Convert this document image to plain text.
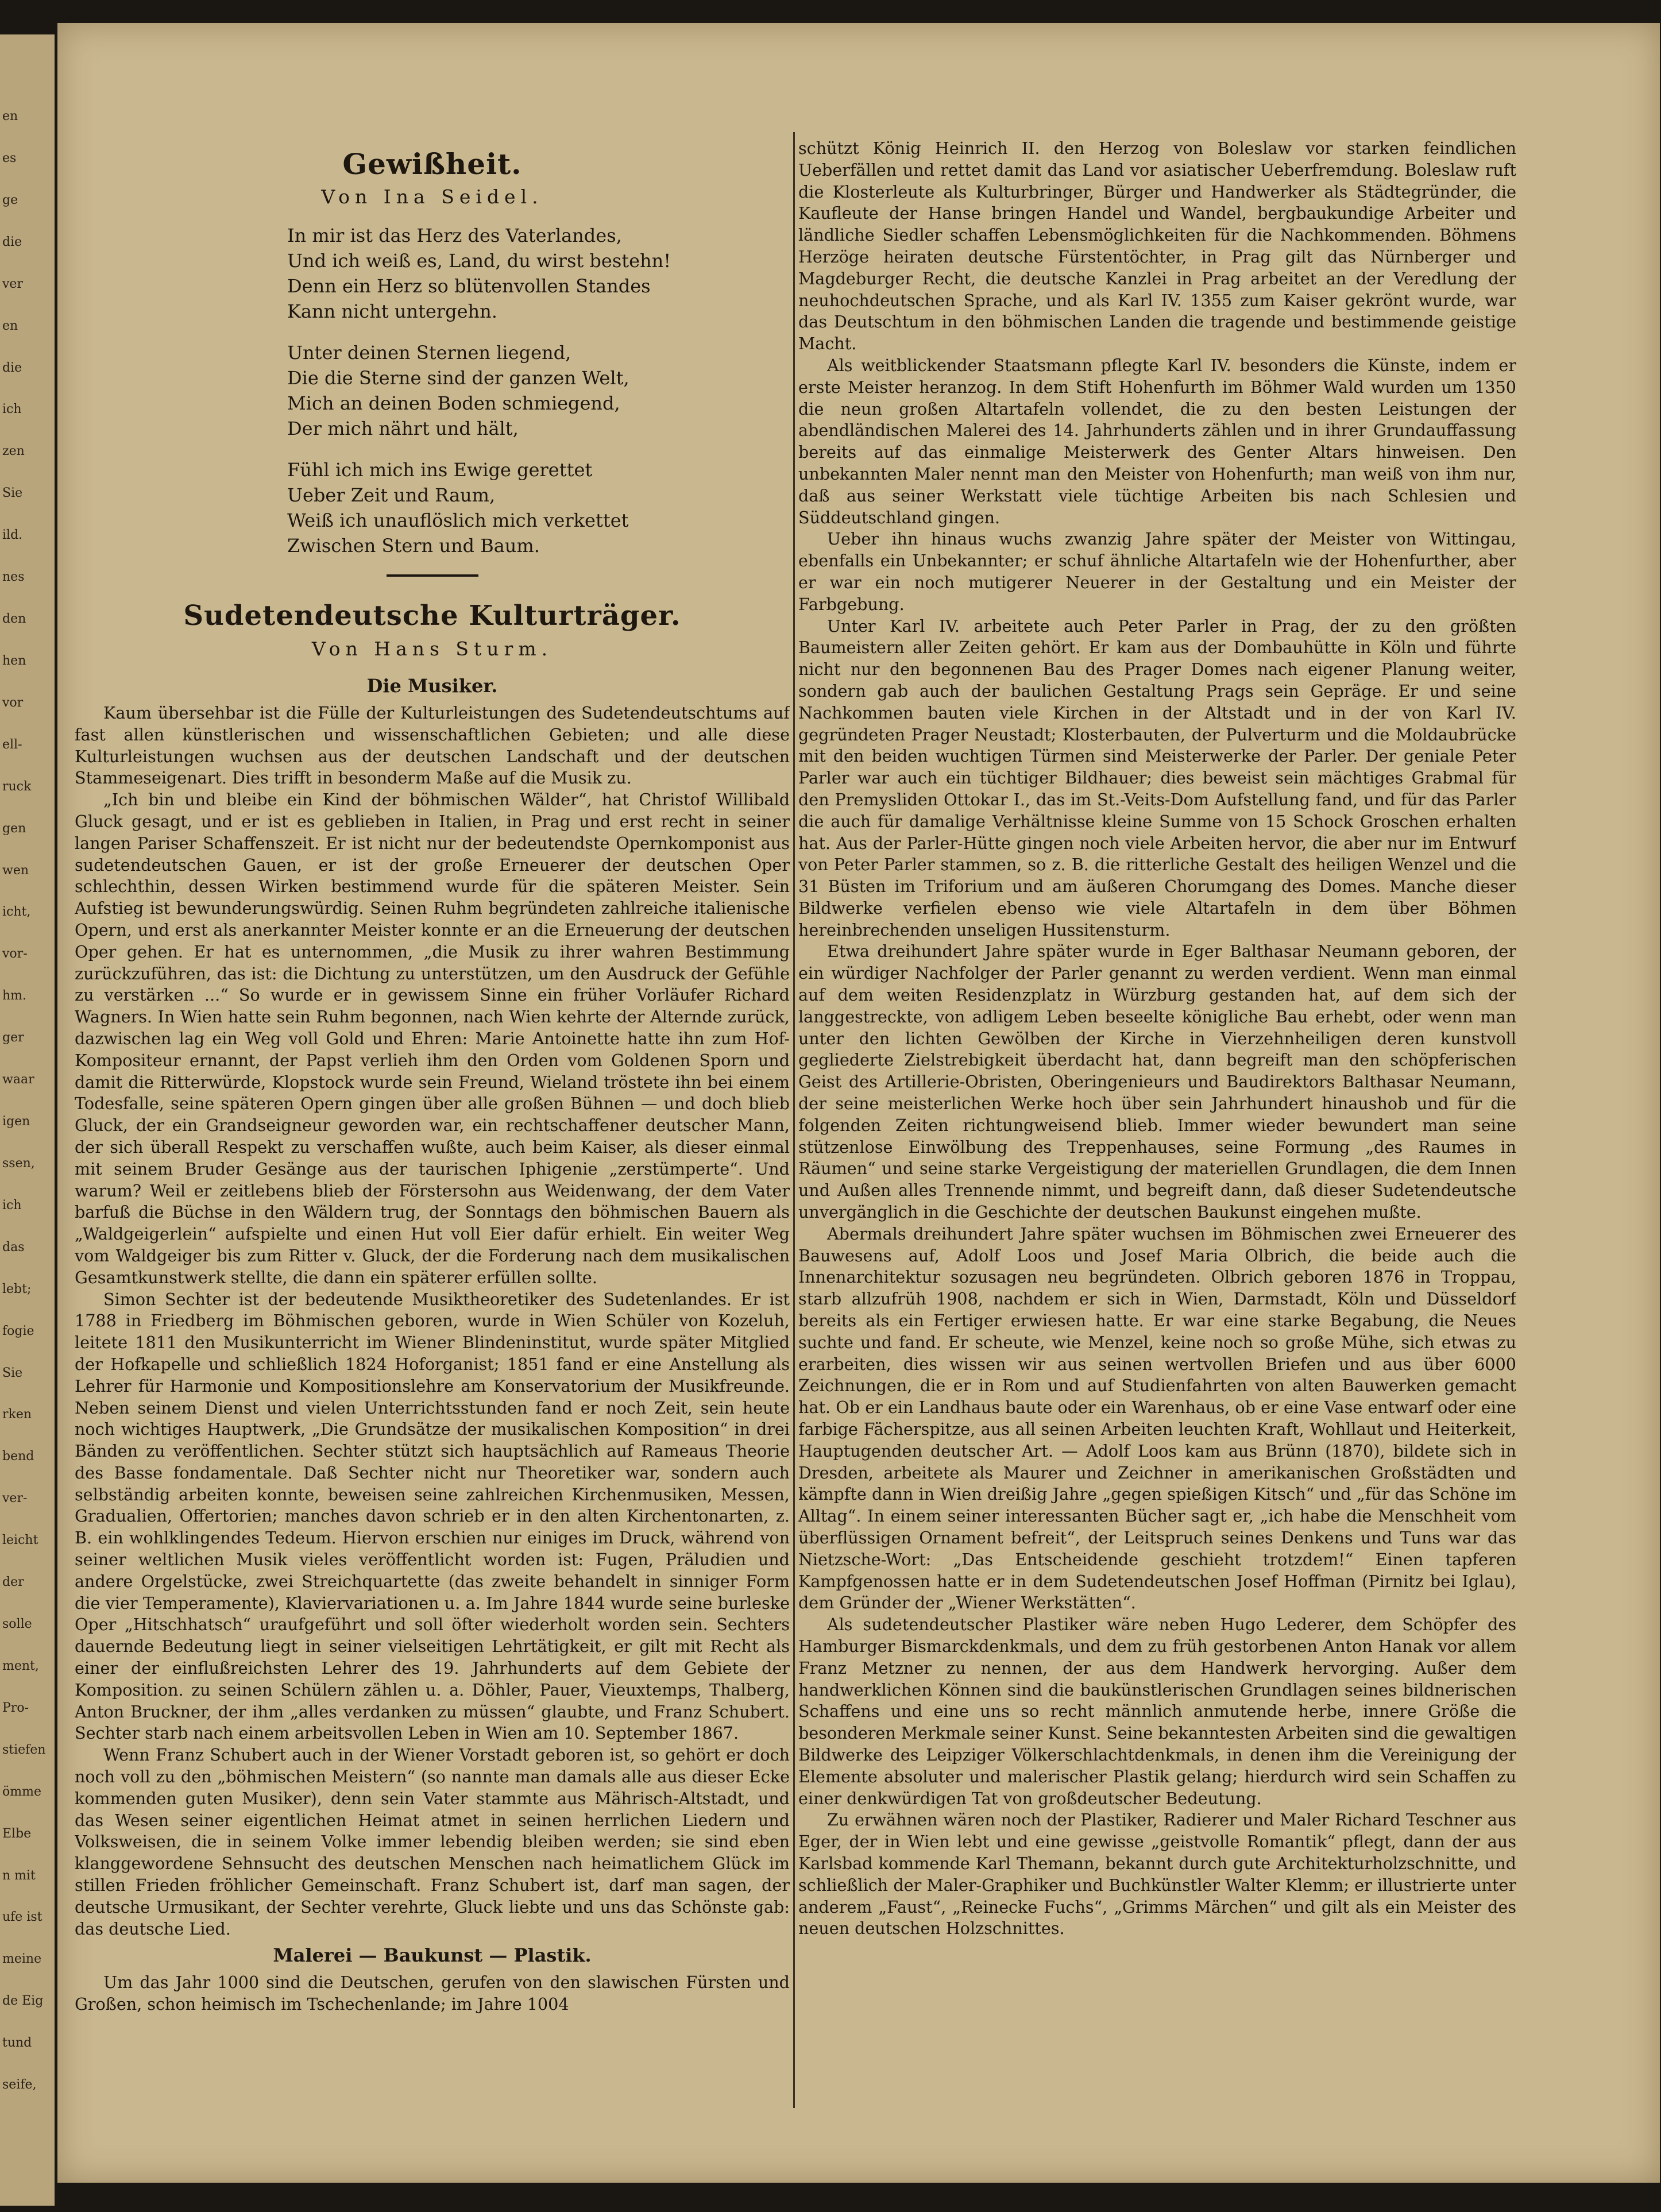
en
es
ge
die
ver
en
die
ich
zen
Sie
ild.
nes
den
hen
vor
ell-
ruck
gen
wen
icht,
vor-
hm.
ger
waar
igen
ssen,
ich
das
lebt;
fogie
Sie
rken
bend
ver-
leicht
der
solle
ment,
Pro-
stiefen
ömme
Elbe
n mit
ufe ist
meine
de Eig
tund
seife,
Gewißheit.
Von Ina Seidel.
In mir ist das Herz des Vaterlandes,
Und ich weiß es, Land, du wirst bestehn!
Denn ein Herz so blütenvollen Standes
Kann nicht untergehn.
Unter deinen Sternen liegend,
Die die Sterne sind der ganzen Welt,
Mich an deinen Boden schmiegend,
Der mich nährt und hält,
Fühl ich mich ins Ewige gerettet
Ueber Zeit und Raum,
Weiß ich unauflöslich mich verkettet
Zwischen Stern und Baum.
Sudetendeutsche Kulturträger.
Von Hans Sturm.
Die Musiker.

Kaum übersehbar ist die Fülle der Kulturleistungen des Sudetendeutschtums auf fast allen künstlerischen und wissenschaftlichen Gebieten; und alle diese Kulturleistungen wuchsen aus der deutschen Landschaft und der deutschen Stammeseigenart. Dies trifft in besonderm Maße auf die Musik zu.

„Ich bin und bleibe ein Kind der böhmischen Wälder“, hat Christof Willibald Gluck gesagt, und er ist es geblieben in Italien, in Prag und erst recht in seiner langen Pariser Schaffenszeit. Er ist nicht nur der bedeutendste Opernkomponist aus sudetendeutschen Gauen, er ist der große Erneuerer der deutschen Oper schlechthin, dessen Wirken bestimmend wurde für die späteren Meister. Sein Aufstieg ist bewunderungswürdig. Seinen Ruhm begründeten zahlreiche italienische Opern, und erst als anerkannter Meister konnte er an die Erneuerung der deutschen Oper gehen. Er hat es unternommen, „die Musik zu ihrer wahren Bestimmung zurückzuführen, das ist: die Dichtung zu unterstützen, um den Ausdruck der Gefühle zu verstärken ...“ So wurde er in gewissem Sinne ein früher Vorläufer Richard Wagners. In Wien hatte sein Ruhm begonnen, nach Wien kehrte der Alternde zurück, dazwischen lag ein Weg voll Gold und Ehren: Marie Antoinette hatte ihn zum Hof-Kompositeur ernannt, der Papst verlieh ihm den Orden vom Goldenen Sporn und damit die Ritterwürde, Klopstock wurde sein Freund, Wieland tröstete ihn bei einem Todesfalle, seine späteren Opern gingen über alle großen Bühnen — und doch blieb Gluck, der ein Grandseigneur geworden war, ein rechtschaffener deutscher Mann, der sich überall Respekt zu verschaffen wußte, auch beim Kaiser, als dieser einmal mit seinem Bruder Gesänge aus der taurischen Iphigenie „zerstümperte“. Und warum? Weil er zeitlebens blieb der Förstersohn aus Weidenwang, der dem Vater barfuß die Büchse in den Wäldern trug, der Sonntags den böhmischen Bauern als „Waldgeigerlein“ aufspielte und einen Hut voll Eier dafür erhielt. Ein weiter Weg vom Waldgeiger bis zum Ritter v. Gluck, der die Forderung nach dem musikalischen Gesamtkunstwerk stellte, die dann ein späterer erfüllen sollte.

Simon Sechter ist der bedeutende Musiktheoretiker des Sudetenlandes. Er ist 1788 in Friedberg im Böhmischen geboren, wurde in Wien Schüler von Kozeluh, leitete 1811 den Musikunterricht im Wiener Blindeninstitut, wurde später Mitglied der Hofkapelle und schließlich 1824 Hoforganist; 1851 fand er eine Anstellung als Lehrer für Harmonie und Kompositionslehre am Konservatorium der Musikfreunde. Neben seinem Dienst und vielen Unterrichtsstunden fand er noch Zeit, sein heute noch wichtiges Hauptwerk, „Die Grundsätze der musikalischen Komposition“ in drei Bänden zu veröffentlichen. Sechter stützt sich hauptsächlich auf Rameaus Theorie des Basse fondamentale. Daß Sechter nicht nur Theoretiker war, sondern auch selbständig arbeiten konnte, beweisen seine zahlreichen Kirchenmusiken, Messen, Gradualien, Offertorien; manches davon schrieb er in den alten Kirchentonarten, z. B. ein wohlklingendes Tedeum. Hiervon erschien nur einiges im Druck, während von seiner weltlichen Musik vieles veröffentlicht worden ist: Fugen, Präludien und andere Orgelstücke, zwei Streichquartette (das zweite behandelt in sinniger Form die vier Temperamente), Klaviervariationen u. a. Im Jahre 1844 wurde seine burleske Oper „Hitschhatsch“ uraufgeführt und soll öfter wiederholt worden sein. Sechters dauernde Bedeutung liegt in seiner vielseitigen Lehrtätigkeit, er gilt mit Recht als einer der einflußreichsten Lehrer des 19. Jahrhunderts auf dem Gebiete der Komposition. zu seinen Schülern zählen u. a. Döhler, Pauer, Vieuxtemps, Thalberg, Anton Bruckner, der ihm „alles verdanken zu müssen“ glaubte, und Franz Schubert. Sechter starb nach einem arbeitsvollen Leben in Wien am 10. September 1867.

Wenn Franz Schubert auch in der Wiener Vorstadt geboren ist, so gehört er doch noch voll zu den „böhmischen Meistern“ (so nannte man damals alle aus dieser Ecke kommenden guten Musiker), denn sein Vater stammte aus Mährisch-Altstadt, und das Wesen seiner eigentlichen Heimat atmet in seinen herrlichen Liedern und Volksweisen, die in seinem Volke immer lebendig bleiben werden; sie sind eben klanggewordene Sehnsucht des deutschen Menschen nach heimatlichem Glück im stillen Frieden fröhlicher Gemeinschaft. Franz Schubert ist, darf man sagen, der deutsche Urmusikant, der Sechter verehrte, Gluck liebte und uns das Schönste gab: das deutsche Lied.

Malerei — Baukunst — Plastik.

Um das Jahr 1000 sind die Deutschen, gerufen von den slawischen Fürsten und Großen, schon heimisch im Tschechenlande; im Jahre 1004

schützt König Heinrich II. den Herzog von Boleslaw vor starken feindlichen Ueberfällen und rettet damit das Land vor asiatischer Ueberfremdung. Boleslaw ruft die Klosterleute als Kulturbringer, Bürger und Handwerker als Städtegründer, die Kaufleute der Hanse bringen Handel und Wandel, bergbaukundige Arbeiter und ländliche Siedler schaffen Lebensmöglichkeiten für die Nachkommenden. Böhmens Herzöge heiraten deutsche Fürstentöchter, in Prag gilt das Nürnberger und Magdeburger Recht, die deutsche Kanzlei in Prag arbeitet an der Veredlung der neuhochdeutschen Sprache, und als Karl IV. 1355 zum Kaiser gekrönt wurde, war das Deutschtum in den böhmischen Landen die tragende und bestimmende geistige Macht.

Als weitblickender Staatsmann pflegte Karl IV. besonders die Künste, indem er erste Meister heranzog. In dem Stift Hohenfurth im Böhmer Wald wurden um 1350 die neun großen Altartafeln vollendet, die zu den besten Leistungen der abendländischen Malerei des 14. Jahrhunderts zählen und in ihrer Grundauffassung bereits auf das einmalige Meisterwerk des Genter Altars hinweisen. Den unbekannten Maler nennt man den Meister von Hohenfurth; man weiß von ihm nur, daß aus seiner Werkstatt viele tüchtige Arbeiten bis nach Schlesien und Süddeutschland gingen.

Ueber ihn hinaus wuchs zwanzig Jahre später der Meister von Wittingau, ebenfalls ein Unbekannter; er schuf ähnliche Altartafeln wie der Hohenfurther, aber er war ein noch mutigerer Neuerer in der Gestaltung und ein Meister der Farbgebung.

Unter Karl IV. arbeitete auch Peter Parler in Prag, der zu den größten Baumeistern aller Zeiten gehört. Er kam aus der Dombauhütte in Köln und führte nicht nur den begonnenen Bau des Prager Domes nach eigener Planung weiter, sondern gab auch der baulichen Gestaltung Prags sein Gepräge. Er und seine Nachkommen bauten viele Kirchen in der Altstadt und in der von Karl IV. gegründeten Prager Neustadt; Klosterbauten, der Pulverturm und die Moldaubrücke mit den beiden wuchtigen Türmen sind Meisterwerke der Parler. Der geniale Peter Parler war auch ein tüchtiger Bildhauer; dies beweist sein mächtiges Grabmal für den Premysliden Ottokar I., das im St.-Veits-Dom Aufstellung fand, und für das Parler die auch für damalige Verhältnisse kleine Summe von 15 Schock Groschen erhalten hat. Aus der Parler-Hütte gingen noch viele Arbeiten hervor, die aber nur im Entwurf von Peter Parler stammen, so z. B. die ritterliche Gestalt des heiligen Wenzel und die 31 Büsten im Triforium und am äußeren Chorumgang des Domes. Manche dieser Bildwerke verfielen ebenso wie viele Altartafeln in dem über Böhmen hereinbrechenden unseligen Hussitensturm.

Etwa dreihundert Jahre später wurde in Eger Balthasar Neumann geboren, der ein würdiger Nachfolger der Parler genannt zu werden verdient. Wenn man einmal auf dem weiten Residenzplatz in Würzburg gestanden hat, auf dem sich der langgestreckte, von adligem Leben beseelte königliche Bau erhebt, oder wenn man unter den lichten Gewölben der Kirche in Vierzehnheiligen deren kunstvoll gegliederte Zielstrebigkeit überdacht hat, dann begreift man den schöpferischen Geist des Artillerie-Obristen, Oberingenieurs und Baudirektors Balthasar Neumann, der seine meisterlichen Werke hoch über sein Jahrhundert hinaushob und für die folgenden Zeiten richtungweisend blieb. Immer wieder bewundert man seine stützenlose Einwölbung des Treppenhauses, seine Formung „des Raumes in Räumen“ und seine starke Vergeistigung der materiellen Grundlagen, die dem Innen und Außen alles Trennende nimmt, und begreift dann, daß dieser Sudetendeutsche unvergänglich in die Geschichte der deutschen Baukunst eingehen mußte.

Abermals dreihundert Jahre später wuchsen im Böhmischen zwei Erneuerer des Bauwesens auf, Adolf Loos und Josef Maria Olbrich, die beide auch die Innenarchitektur sozusagen neu begründeten. Olbrich geboren 1876 in Troppau, starb allzufrüh 1908, nachdem er sich in Wien, Darmstadt, Köln und Düsseldorf bereits als ein Fertiger erwiesen hatte. Er war eine starke Begabung, die Neues suchte und fand. Er scheute, wie Menzel, keine noch so große Mühe, sich etwas zu erarbeiten, dies wissen wir aus seinen wertvollen Briefen und aus über 6000 Zeichnungen, die er in Rom und auf Studienfahrten von alten Bauwerken gemacht hat. Ob er ein Landhaus baute oder ein Warenhaus, ob er eine Vase entwarf oder eine farbige Fächerspitze, aus all seinen Arbeiten leuchten Kraft, Wohllaut und Heiterkeit, Hauptugenden deutscher Art. — Adolf Loos kam aus Brünn (1870), bildete sich in Dresden, arbeitete als Maurer und Zeichner in amerikanischen Großstädten und kämpfte dann in Wien dreißig Jahre „gegen spießigen Kitsch“ und „für das Schöne im Alltag“. In einem seiner interessanten Bücher sagt er, „ich habe die Menschheit vom überflüssigen Ornament befreit“, der Leitspruch seines Denkens und Tuns war das Nietzsche-Wort: „Das Entscheidende geschieht trotzdem!“ Einen tapferen Kampfgenossen hatte er in dem Sudetendeutschen Josef Hoffman (Pirnitz bei Iglau), dem Gründer der „Wiener Werkstätten“.

Als sudetendeutscher Plastiker wäre neben Hugo Lederer, dem Schöpfer des Hamburger Bismarckdenkmals, und dem zu früh gestorbenen Anton Hanak vor allem Franz Metzner zu nennen, der aus dem Handwerk hervorging. Außer dem handwerklichen Können sind die baukünstlerischen Grundlagen seines bildnerischen Schaffens und eine uns so recht männlich anmutende herbe, innere Größe die besonderen Merkmale seiner Kunst. Seine bekanntesten Arbeiten sind die gewaltigen Bildwerke des Leipziger Völkerschlachtdenkmals, in denen ihm die Vereinigung der Elemente absoluter und malerischer Plastik gelang; hierdurch wird sein Schaffen zu einer denkwürdigen Tat von großdeutscher Bedeutung.

Zu erwähnen wären noch der Plastiker, Radierer und Maler Richard Teschner aus Eger, der in Wien lebt und eine gewisse „geistvolle Romantik“ pflegt, dann der aus Karlsbad kommende Karl Themann, bekannt durch gute Architekturholzschnitte, und schließlich der Maler-Graphiker und Buchkünstler Walter Klemm; er illustrierte unter anderem „Faust“, „Reinecke Fuchs“, „Grimms Märchen“ und gilt als ein Meister des neuen deutschen Holzschnittes.
